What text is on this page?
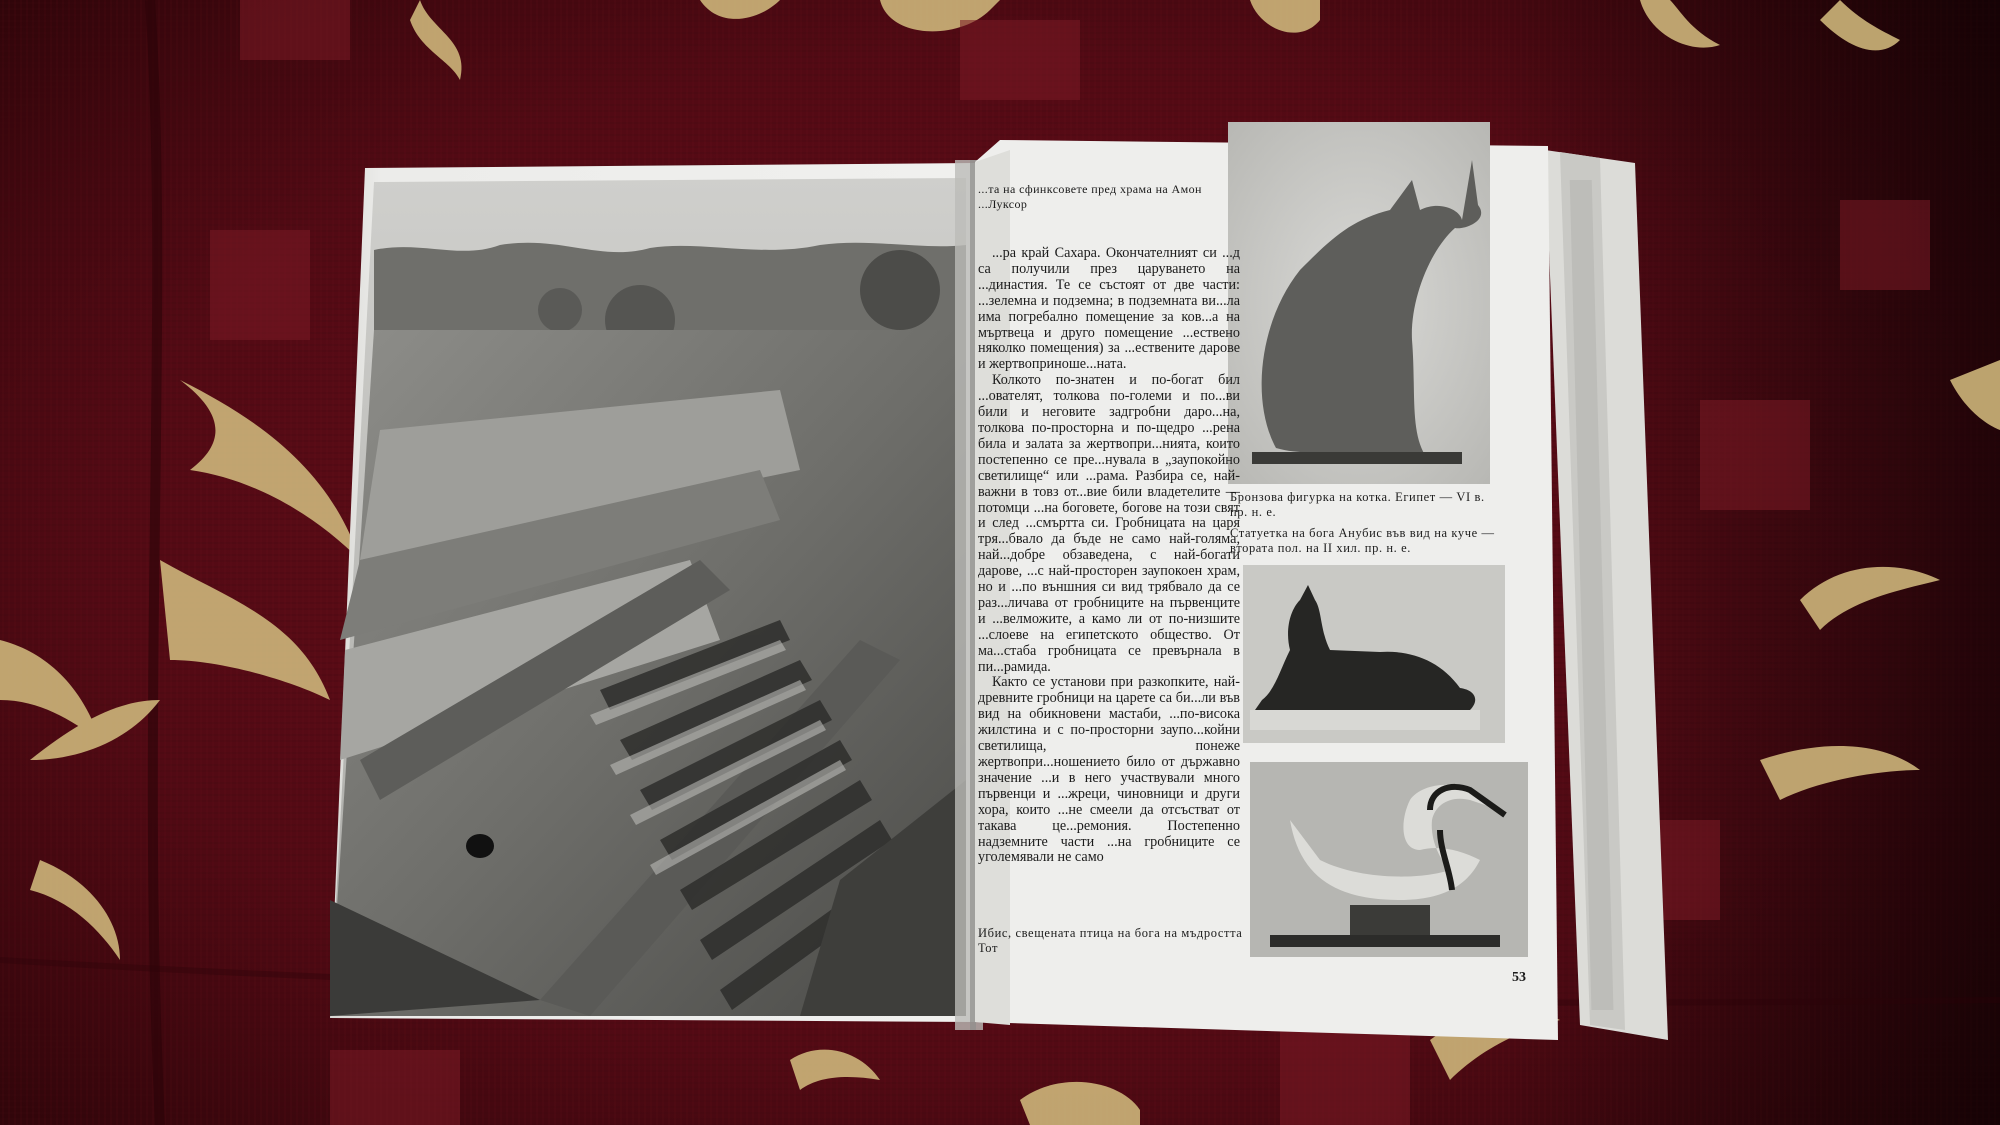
...та на сфинксовете пред храма на Амон
...Луксор

...ра край Сахара. Окончателният си ...д са получили през царуването на ...династия. Те се състоят от две части: ...зелемна и подземна; в подземната ви...ла има погребално помещение за ков...а на мъртвеца и друго помещение ...ествено няколко помещения) за ...ествените дарове и жертвоприноше...ната.

Колкото по-знатен и по-богат бил ...ователят, толкова по-големи и по...ви били и неговите задгробни даро...на, толкова по-просторна и по-щедро ...рена била и залата за жертвопри...нията, които постепенно се пре...нувала в „заупокойно светилище“ или ...рама. Разбира се, най-важни в товз от...вие били владетелите — потомци ...на боговете, богове на този свят и след ...смъртта си. Гробницата на царя тря...бвало да бъде не само най-голяма, най...добре обзаведена, с най-богати дарове, ...с най-просторен заупокоен храм, но и ...по външния си вид трябвало да се раз...личава от гробниците на първенците и ...велможите, а камо ли от по-низшите ...слоеве на египетското общество. От ма...стаба гробницата се превърнала в пи...рамида.

Както се установи при разкопките, най-древните гробници на царете са би...ли във вид на обикновени мастаби, ...по-висока жилстина и с по-просторни заупо...койни светилища, понеже жертвопри...ношението било от държавно значение ...и в него участвували много първенци и ...жреци, чиновници и други хора, които ...не смеели да отсъстват от такава це...ремония. Постепенно надземните части ...на гробниците се уголемявали не само

Ибис, свещената птица на бога на мъдростта Тот
Бронзова фигурка на котка. Египет — VI в. пр. н. е.
Статуетка на бога Анубис във вид на куче — втората пол. на II хил. пр. н. е.
53
